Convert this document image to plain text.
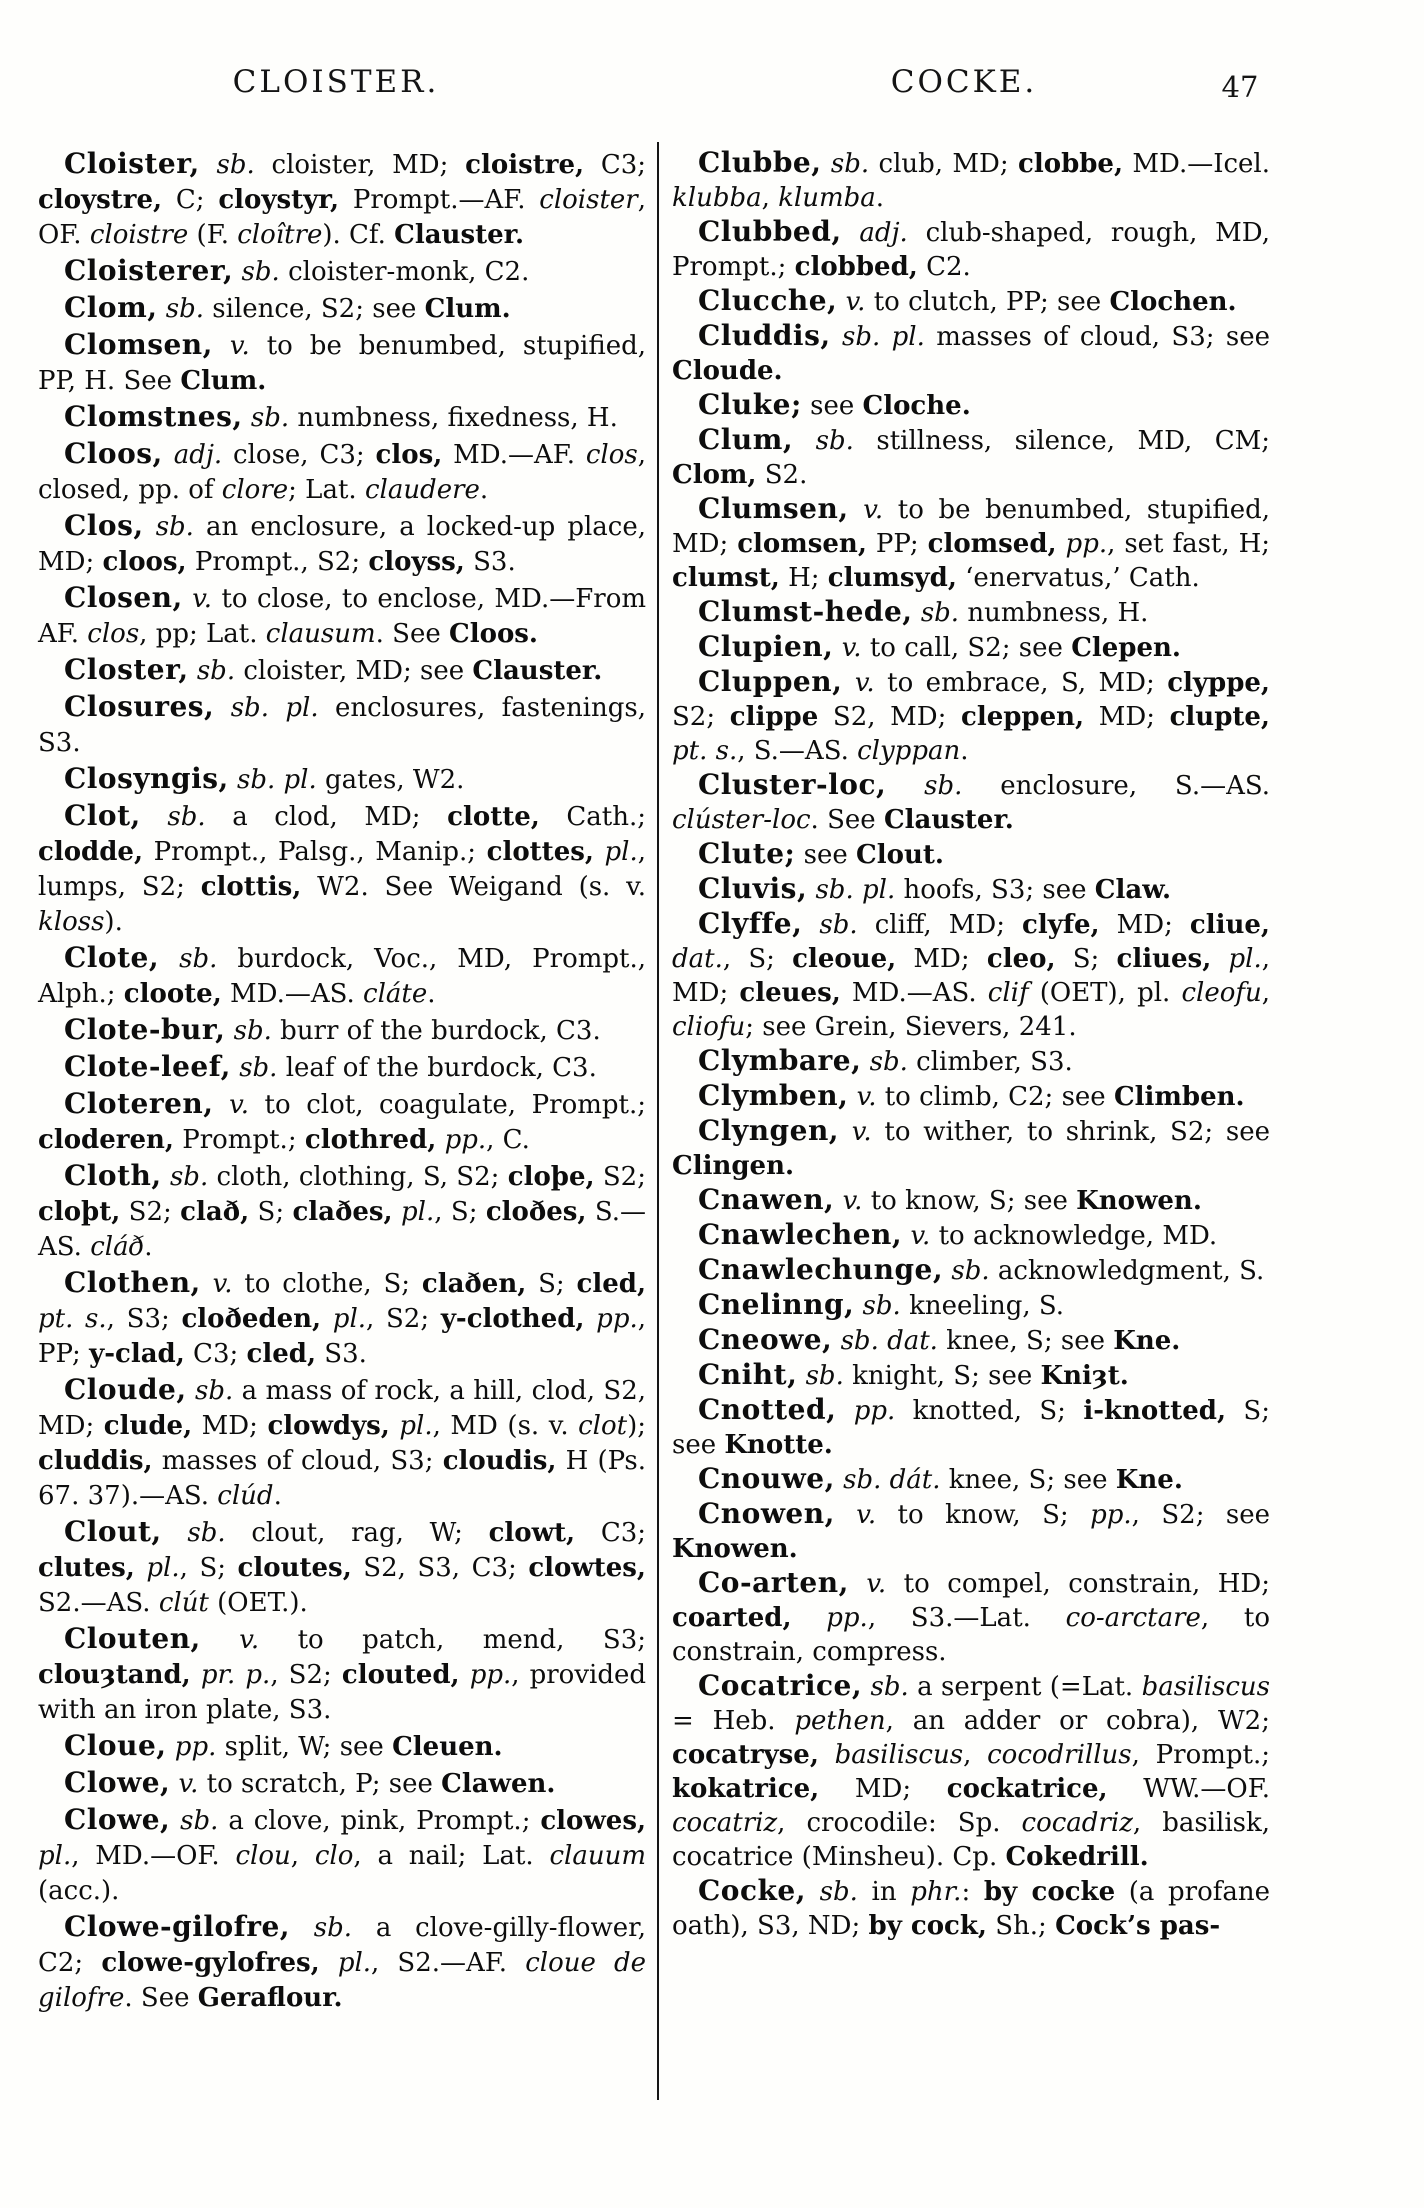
CLOISTER.	COCKE.	47

Cloister, sb. cloister, MD; cloistre, C3; cloystre, C; cloystyr, Prompt.—AF. cloister, OF. cloistre (F. cloître). Cf. Clauster.

Cloisterer, sb. cloister-monk, C2.

Clom, sb. silence, S2; see Clum.

Clomsen, v. to be benumbed, stupified, PP, H. See Clum.

Clomstnes, sb. numbness, fixedness, H.

Cloos, adj. close, C3; clos, MD.—AF. clos, closed, pp. of clore; Lat. claudere.

Clos, sb. an enclosure, a locked-up place, MD; cloos, Prompt., S2; cloyss, S3.

Closen, v. to close, to enclose, MD.—From AF. clos, pp; Lat. clausum. See Cloos.

Closter, sb. cloister, MD; see Clauster.

Closures, sb. pl. enclosures, fastenings, S3.

Closyngis, sb. pl. gates, W2.

Clot, sb. a clod, MD; clotte, Cath.; clodde, Prompt., Palsg., Manip.; clottes, pl., lumps, S2; clottis, W2. See Weigand (s. v. kloss).

Clote, sb. burdock, Voc., MD, Prompt., Alph.; cloote, MD.—AS. cláte.

Clote-bur, sb. burr of the burdock, C3.

Clote-leef, sb. leaf of the burdock, C3.

Cloteren, v. to clot, coagulate, Prompt.; cloderen, Prompt.; clothred, pp., C.

Cloth, sb. cloth, clothing, S, S2; cloþe, S2; cloþt, S2; clað, S; claðes, pl., S; cloðes, S.—AS. cláð.

Clothen, v. to clothe, S; claðen, S; cled, pt. s., S3; cloðeden, pl., S2; y-clothed, pp., PP; y-clad, C3; cled, S3.

Cloude, sb. a mass of rock, a hill, clod, S2, MD; clude, MD; clowdys, pl., MD (s. v. clot); cluddis, masses of cloud, S3; cloudis, H (Ps. 67. 37).—AS. clúd.

Clout, sb. clout, rag, W; clowt, C3; clutes, pl., S; cloutes, S2, S3, C3; clowtes, S2.—AS. clút (OET.).

Clouten, v. to patch, mend, S3; clouȝtand, pr. p., S2; clouted, pp., provided with an iron plate, S3.

Cloue, pp. split, W; see Cleuen.

Clowe, v. to scratch, P; see Clawen.

Clowe, sb. a clove, pink, Prompt.; clowes, pl., MD.—OF. clou, clo, a nail; Lat. clauum (acc.).

Clowe-gilofre, sb. a clove-gilly-flower, C2; clowe-gylofres, pl., S2.—AF. cloue de gilofre. See Geraflour.

Clubbe, sb. club, MD; clobbe, MD.—Icel. klubba, klumba.

Clubbed, adj. club-shaped, rough, MD, Prompt.; clobbed, C2.

Clucche, v. to clutch, PP; see Clochen.

Cluddis, sb. pl. masses of cloud, S3; see Cloude.

Cluke; see Cloche.

Clum, sb. stillness, silence, MD, CM; Clom, S2.

Clumsen, v. to be benumbed, stupified, MD; clomsen, PP; clomsed, pp., set fast, H; clumst, H; clumsyd, ‘enervatus,’ Cath.

Clumst-hede, sb. numbness, H.

Clupien, v. to call, S2; see Clepen.

Cluppen, v. to embrace, S, MD; clyppe, S2; clippe S2, MD; cleppen, MD; clupte, pt. s., S.—AS. clyppan.

Cluster-loc, sb. enclosure, S.—AS. clúster-loc. See Clauster.

Clute; see Clout.

Cluvis, sb. pl. hoofs, S3; see Claw.

Clyffe, sb. cliff, MD; clyfe, MD; cliue, dat., S; cleoue, MD; cleo, S; cliues, pl., MD; cleues, MD.—AS. clif (OET), pl. cleofu, cliofu; see Grein, Sievers, 241.

Clymbare, sb. climber, S3.

Clymben, v. to climb, C2; see Climben.

Clyngen, v. to wither, to shrink, S2; see Clingen.

Cnawen, v. to know, S; see Knowen.

Cnawlechen, v. to acknowledge, MD.

Cnawlechunge, sb. acknowledgment, S.

Cnelinng, sb. kneeling, S.

Cneowe, sb. dat. knee, S; see Kne.

Cniht, sb. knight, S; see Kniȝt.

Cnotted, pp. knotted, S; i-knotted, S; see Knotte.

Cnouwe, sb. dát. knee, S; see Kne.

Cnowen, v. to know, S; pp., S2; see Knowen.

Co-arten, v. to compel, constrain, HD; coarted, pp., S3.—Lat. co-arctare, to constrain, compress.

Cocatrice, sb. a serpent (=Lat. basiliscus = Heb. pethen, an adder or cobra), W2; cocatryse, basiliscus, cocodrillus, Prompt.; kokatrice, MD; cockatrice, WW.—OF. cocatriz, crocodile: Sp. cocadriz, basilisk, cocatrice (Minsheu). Cp. Cokedrill.

Cocke, sb. in phr.: by cocke (a profane oath), S3, ND; by cock, Sh.; Cock’s pas-
